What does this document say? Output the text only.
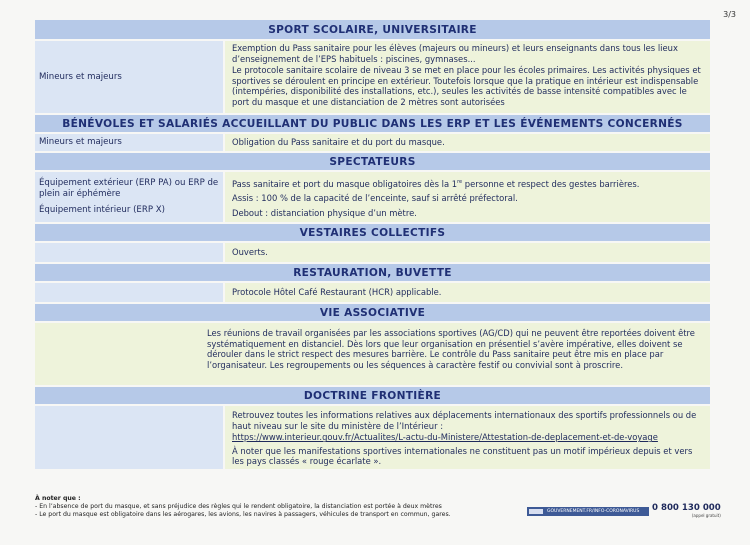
3/3
SPORT SCOLAIRE, UNIVERSITAIRE

Mineurs et majeurs

Exemption du Pass sanitaire pour les élèves (majeurs ou mineurs) et leurs enseignants dans tous les lieux d’enseignement de l’EPS habituels : piscines, gymnases...

Le protocole sanitaire scolaire de niveau 3 se met en place pour les écoles primaires. Les activités physiques et sportives se déroulent en principe en extérieur. Toutefois lorsque que la pratique en intérieur est indispensable (intempéries, disponibilité des installations, etc.), seules les activités de basse intensité compatibles avec le port du masque et une distanciation de 2 mètres sont autorisées

BÉNÉVOLES ET SALARIÉS ACCUEILLANT DU PUBLIC DANS LES ERP ET LES ÉVÉNEMENTS CONCERNÉS

Mineurs et majeurs	Obligation du Pass sanitaire et du port du masque.

SPECTATEURS

Équipement extérieur (ERP PA) ou ERP de plein air éphémère

Équipement intérieur (ERP X)

Pass sanitaire et port du masque obligatoires dès la 1re personne et respect des gestes barrières.

Assis : 100 % de la capacité de l’enceinte, sauf si arrêté préfectoral.

Debout : distanciation physique d’un mètre.

VESTAIRES COLLECTIFS

Ouverts.

RESTAURATION, BUVETTE

Protocole Hôtel Café Restaurant (HCR) applicable.

VIE ASSOCIATIVE

Les réunions de travail organisées par les associations sportives (AG/CD) qui ne peuvent être reportées doivent être systématiquement en distanciel. Dès lors que leur organisation en présentiel s’avère impérative, elles doivent se dérouler dans le strict respect des mesures barrière. Le contrôle du Pass sanitaire peut être mis en place par l’organisateur. Les regroupements ou les séquences à caractère festif ou convivial sont à proscrire.

DOCTRINE FRONTIÈRE

Retrouvez toutes les informations relatives aux déplacements internationaux des sportifs professionnels ou de haut niveau sur le site du ministère de l’Intérieur :

https://www.interieur.gouv.fr/Actualites/L-actu-du-Ministere/Attestation-de-deplacement-et-de-voyage

À noter que les manifestations sportives internationales ne constituent pas un motif impérieux depuis et vers les pays classés « rouge écarlate ».

À noter que :

- En l’absence de port du masque, et sans préjudice des règles qui le rendent obligatoire, la distanciation est portée à deux mètres

- Le port du masque est obligatoire dans les aérogares, les avions, les navires à passagers, véhicules de transport en commun, gares.	GOUVERNEMENT.FR/INFO-CORONAVIRUS 0 800 130 000
(appel gratuit)
